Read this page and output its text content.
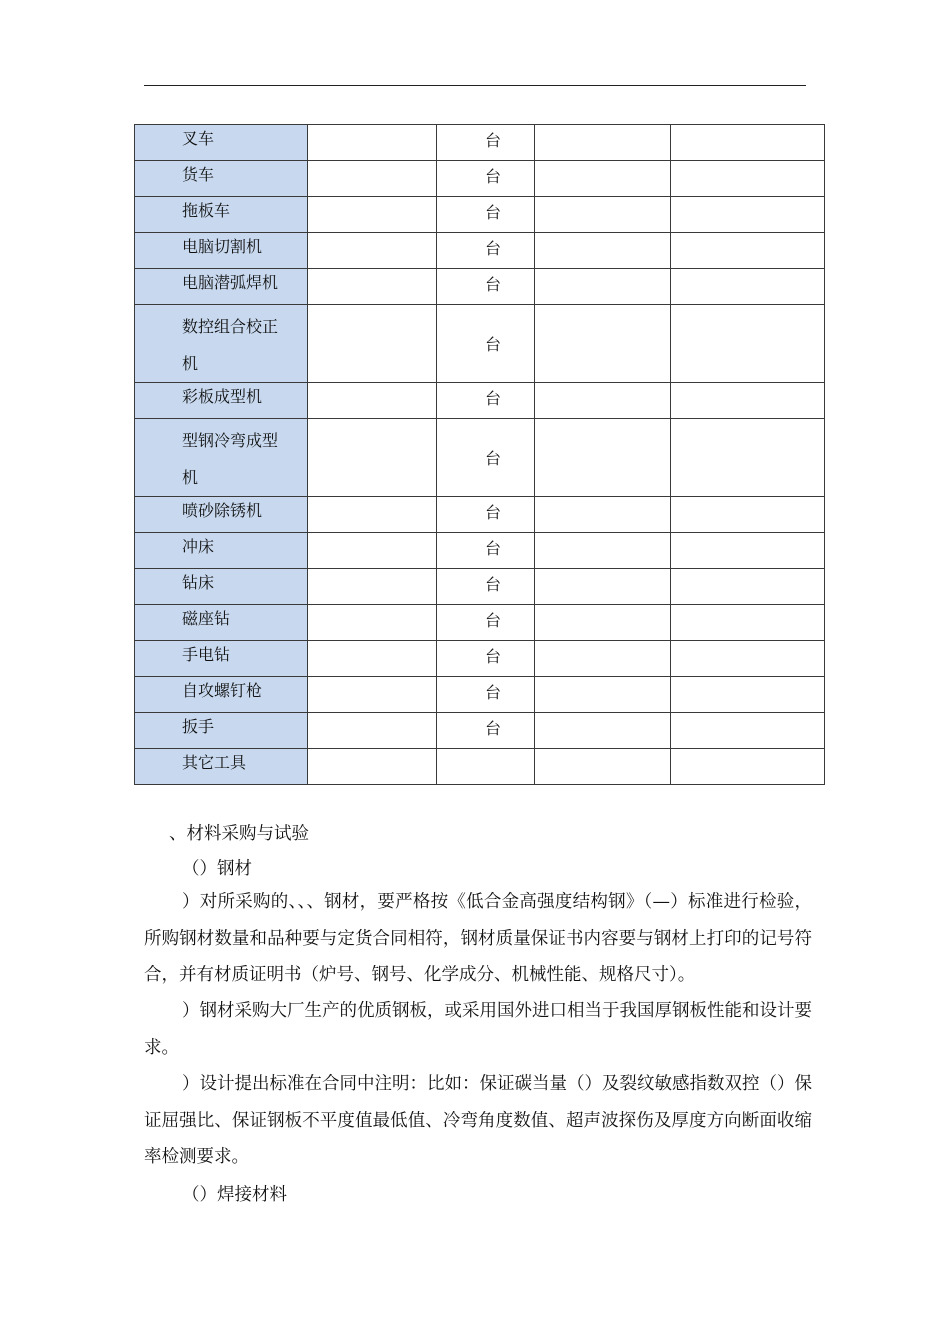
叉车		台		
货车		台		
拖板车		台		
电脑切割机		台		
电脑潜弧焊机		台		
数控组合校正机		台		
彩板成型机		台		
型钢冷弯成型机		台		
喷砂除锈机		台		
冲床		台		
钻床		台		
磁座钻		台		
手电钻		台		
自攻螺钉枪		台		
扳手		台		
其它工具				
、材料采购与试验
（）钢材

）对所采购的、、、钢材，要严格按《低合金高强度结构钢》（—）标准进行检验，所购钢材数量和品种要与定货合同相符，钢材质量保证书内容要与钢材上打印的记号符合，并有材质证明书（炉号、钢号、化学成分、机械性能、规格尺寸）。

）钢材采购大厂生产的优质钢板，或采用国外进口相当于我国厚钢板性能和设计要求。

）设计提出标准在合同中注明：比如：保证碳当量（）及裂纹敏感指数双控（）保证屈强比、保证钢板不平度值最低值、冷弯角度数值、超声波探伤及厚度方向断面收缩率检测要求。

（）焊接材料
